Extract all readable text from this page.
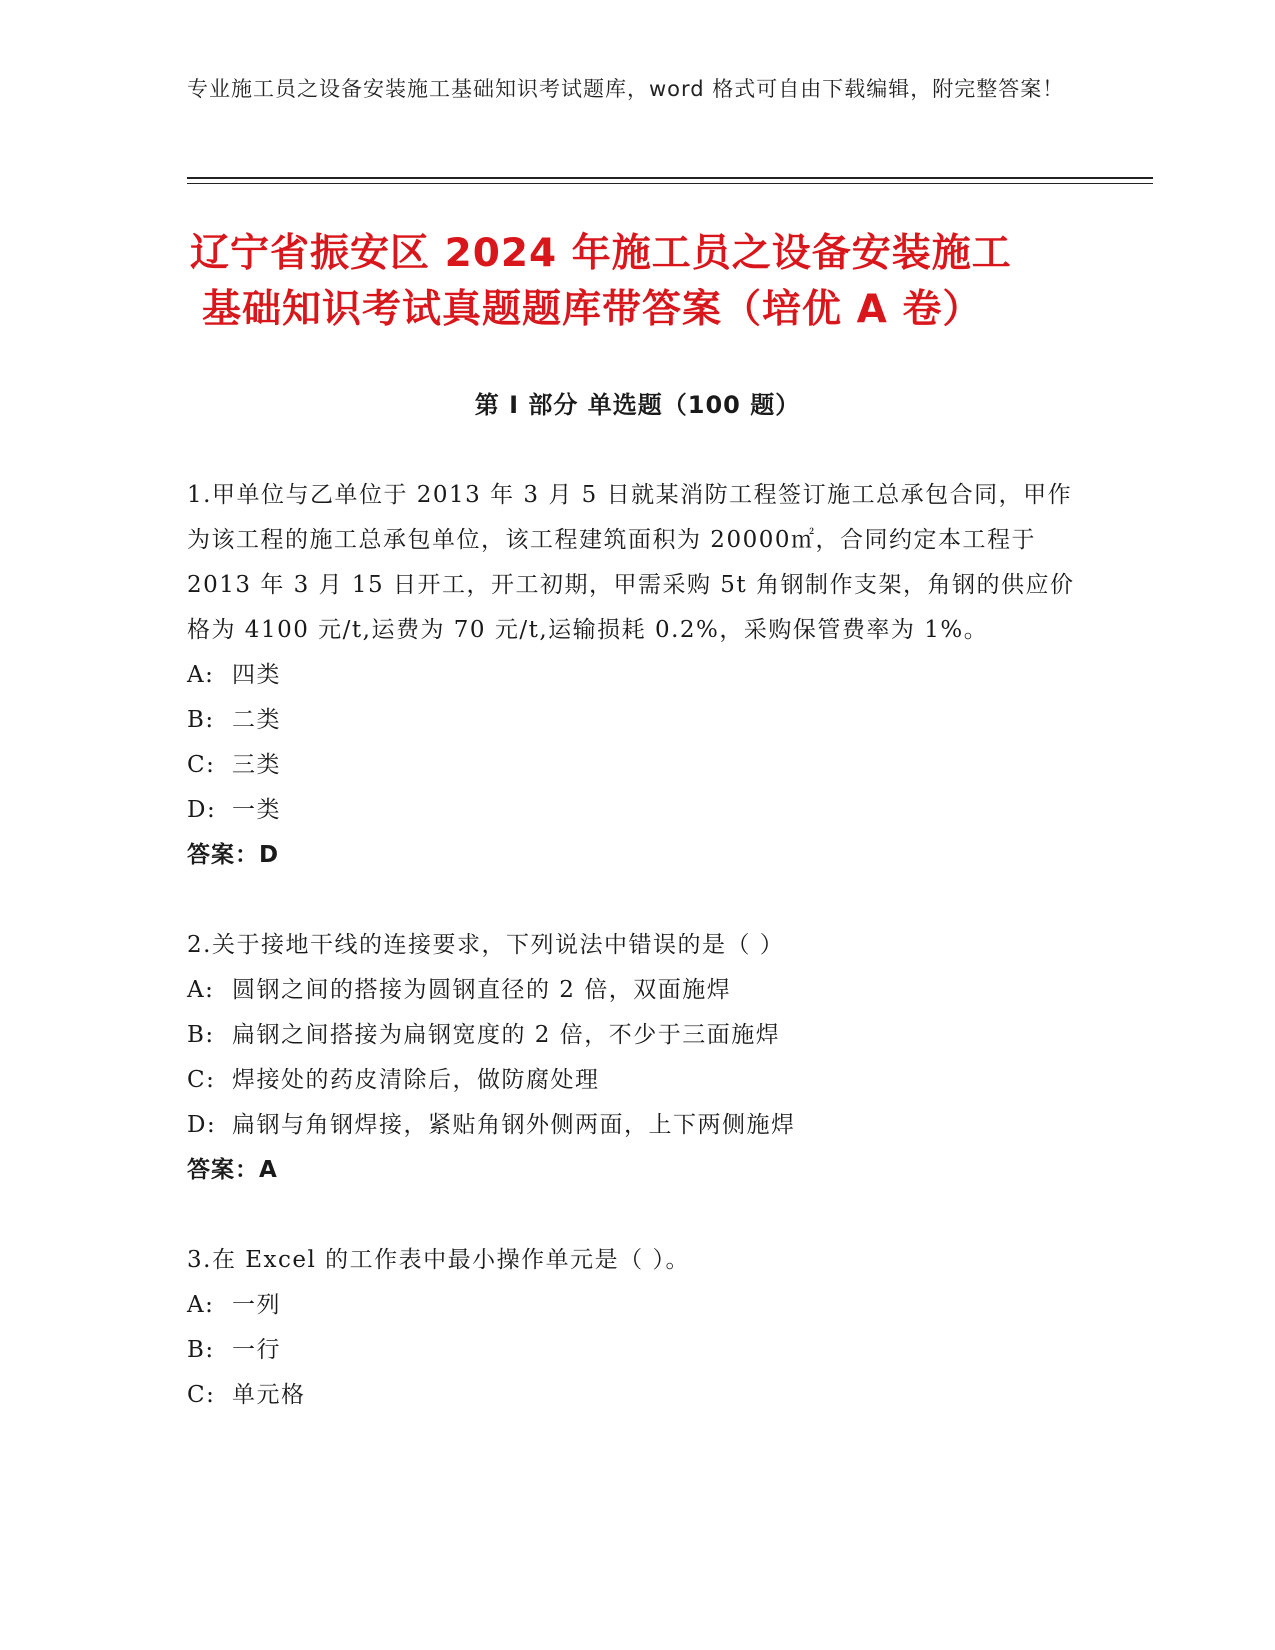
专业施工员之设备安装施工基础知识考试题库，word 格式可自由下载编辑，附完整答案！
辽宁省振安区 2024 年施工员之设备安装施工
基础知识考试真题题库带答案（培优 A 卷）
第 I 部分 单选题（100 题）

1.甲单位与乙单位于 2013 年 3 月 5 日就某消防工程签订施工总承包合同，甲作为该工程的施工总承包单位，该工程建筑面积为 20000㎡，合同约定本工程于 2013 年 3 月 15 日开工，开工初期，甲需采购 5t 角钢制作支架，角钢的供应价格为 4100 元/t,运费为 70 元/t,运输损耗 0.2%，采购保管费率为 1%。

A: 四类
B: 二类
C: 三类
D: 一类
答案：D

2.关于接地干线的连接要求，下列说法中错误的是（ ）

A: 圆钢之间的搭接为圆钢直径的 2 倍，双面施焊
B: 扁钢之间搭接为扁钢宽度的 2 倍，不少于三面施焊
C: 焊接处的药皮清除后，做防腐处理
D: 扁钢与角钢焊接，紧贴角钢外侧两面，上下两侧施焊
答案：A

3.在 Excel 的工作表中最小操作单元是（ ）。

A: 一列
B: 一行
C: 单元格
